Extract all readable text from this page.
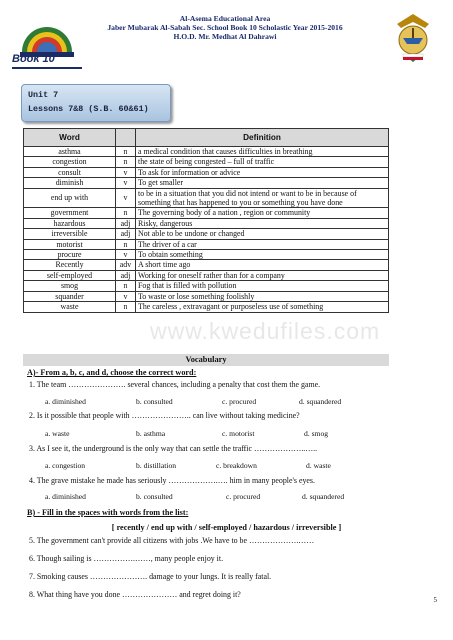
Book 10
Al-Asema Educational Area
Jaber Mubarak Al-Sabah Sec. School Book 10 Scholastic Year 2015-2016
H.O.D. Mr. Medhat Al Dahrawi
Unit 7
Lessons 7&8 (S.B. 60&61)
Word		Definition
asthma	n	a medical condition that causes difficulties in breathing
congestion	n	the state of being congested – full of traffic
consult	v	To ask for information or advice
diminish	v	To get smaller
end up with	v	to be in a situation that you did not intend or want to be in because of something that has happened to you or something you have done
government	n	The governing body of a nation , region or community
hazardous	adj	Risky, dangerous
irreversible	adj	Not able to be undone or changed
motorist	n	The driver of a car
procure	v	To obtain something
Recently	adv	A short time ago
self-employed	adj	Working for oneself rather than for a company
smog	n	Fog that is filled with pollution
squander	v	To waste or lose something foolishly
waste	n	The careless , extravagant or purposeless use of something
www.kwedufiles.com
Vocabulary
A)- From a, b, c, and d, choose the correct word:
1. The team …………………. several chances, including a penalty that cost them the game.
a. diminished	b. consulted	c. procured	d. squandered
2. Is it possible that people with ………………….. can live without taking medicine?
a. waste	b. asthma	c. motorist	d. smog
3. As I see it, the underground is the only way that can settle the traffic ………………..…..
a. congestion	b. distillation	c. breakdown	d. waste
4. The grave mistake he made has seriously ……………….…. him in many people's eyes.
a. diminished	b. consulted	c. procured	d. squandered
B) - Fill in the spaces with words from the list:
[ recently / end up with / self-employed / hazardous / irreversible ]
5. The government can't provide all citizens with jobs .We have to be ……………….……
6. Though sailing is …………….……, many people enjoy it.
7. Smoking causes …………………. damage to your lungs. It is really fatal.
8. What thing have you done ………………… and regret doing it?
5
